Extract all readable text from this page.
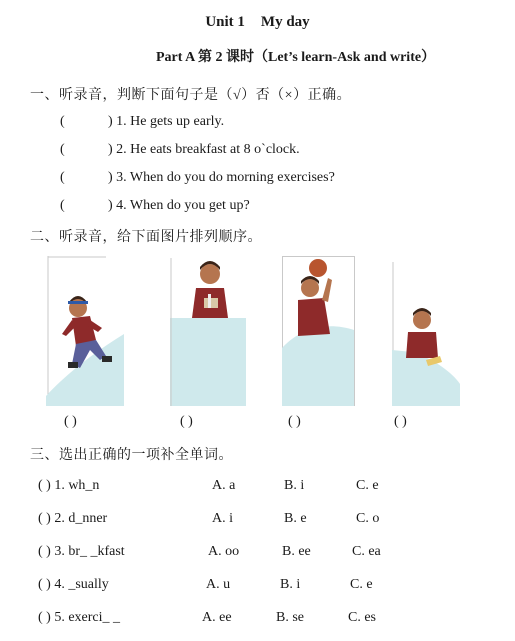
Unit 1 My day
Part A 第 2 课时（Let’s learn-Ask and write）
一、听录音，判断下面句子是（√）否（×）正确。
(	) 1. He gets up early.
(	) 2. He eats breakfast at 8 o`clock.
(	) 3. When do you do morning exercises?
(	) 4. When do you get up?
二、听录音，给下面图片排列顺序。
( )	( )	( )	( )
三、选出正确的一项补全单词。
( ) 1. wh_n	A. a	B. i	C. e
( ) 2. d_nner	A. i	B. e	C. o
( ) 3. br_ _kfast	A. oo	B. ee	C. ea
( ) 4. _sually	A. u	B. i	C. e
( ) 5. exerci_ _	A. ee	B. se	C. es
